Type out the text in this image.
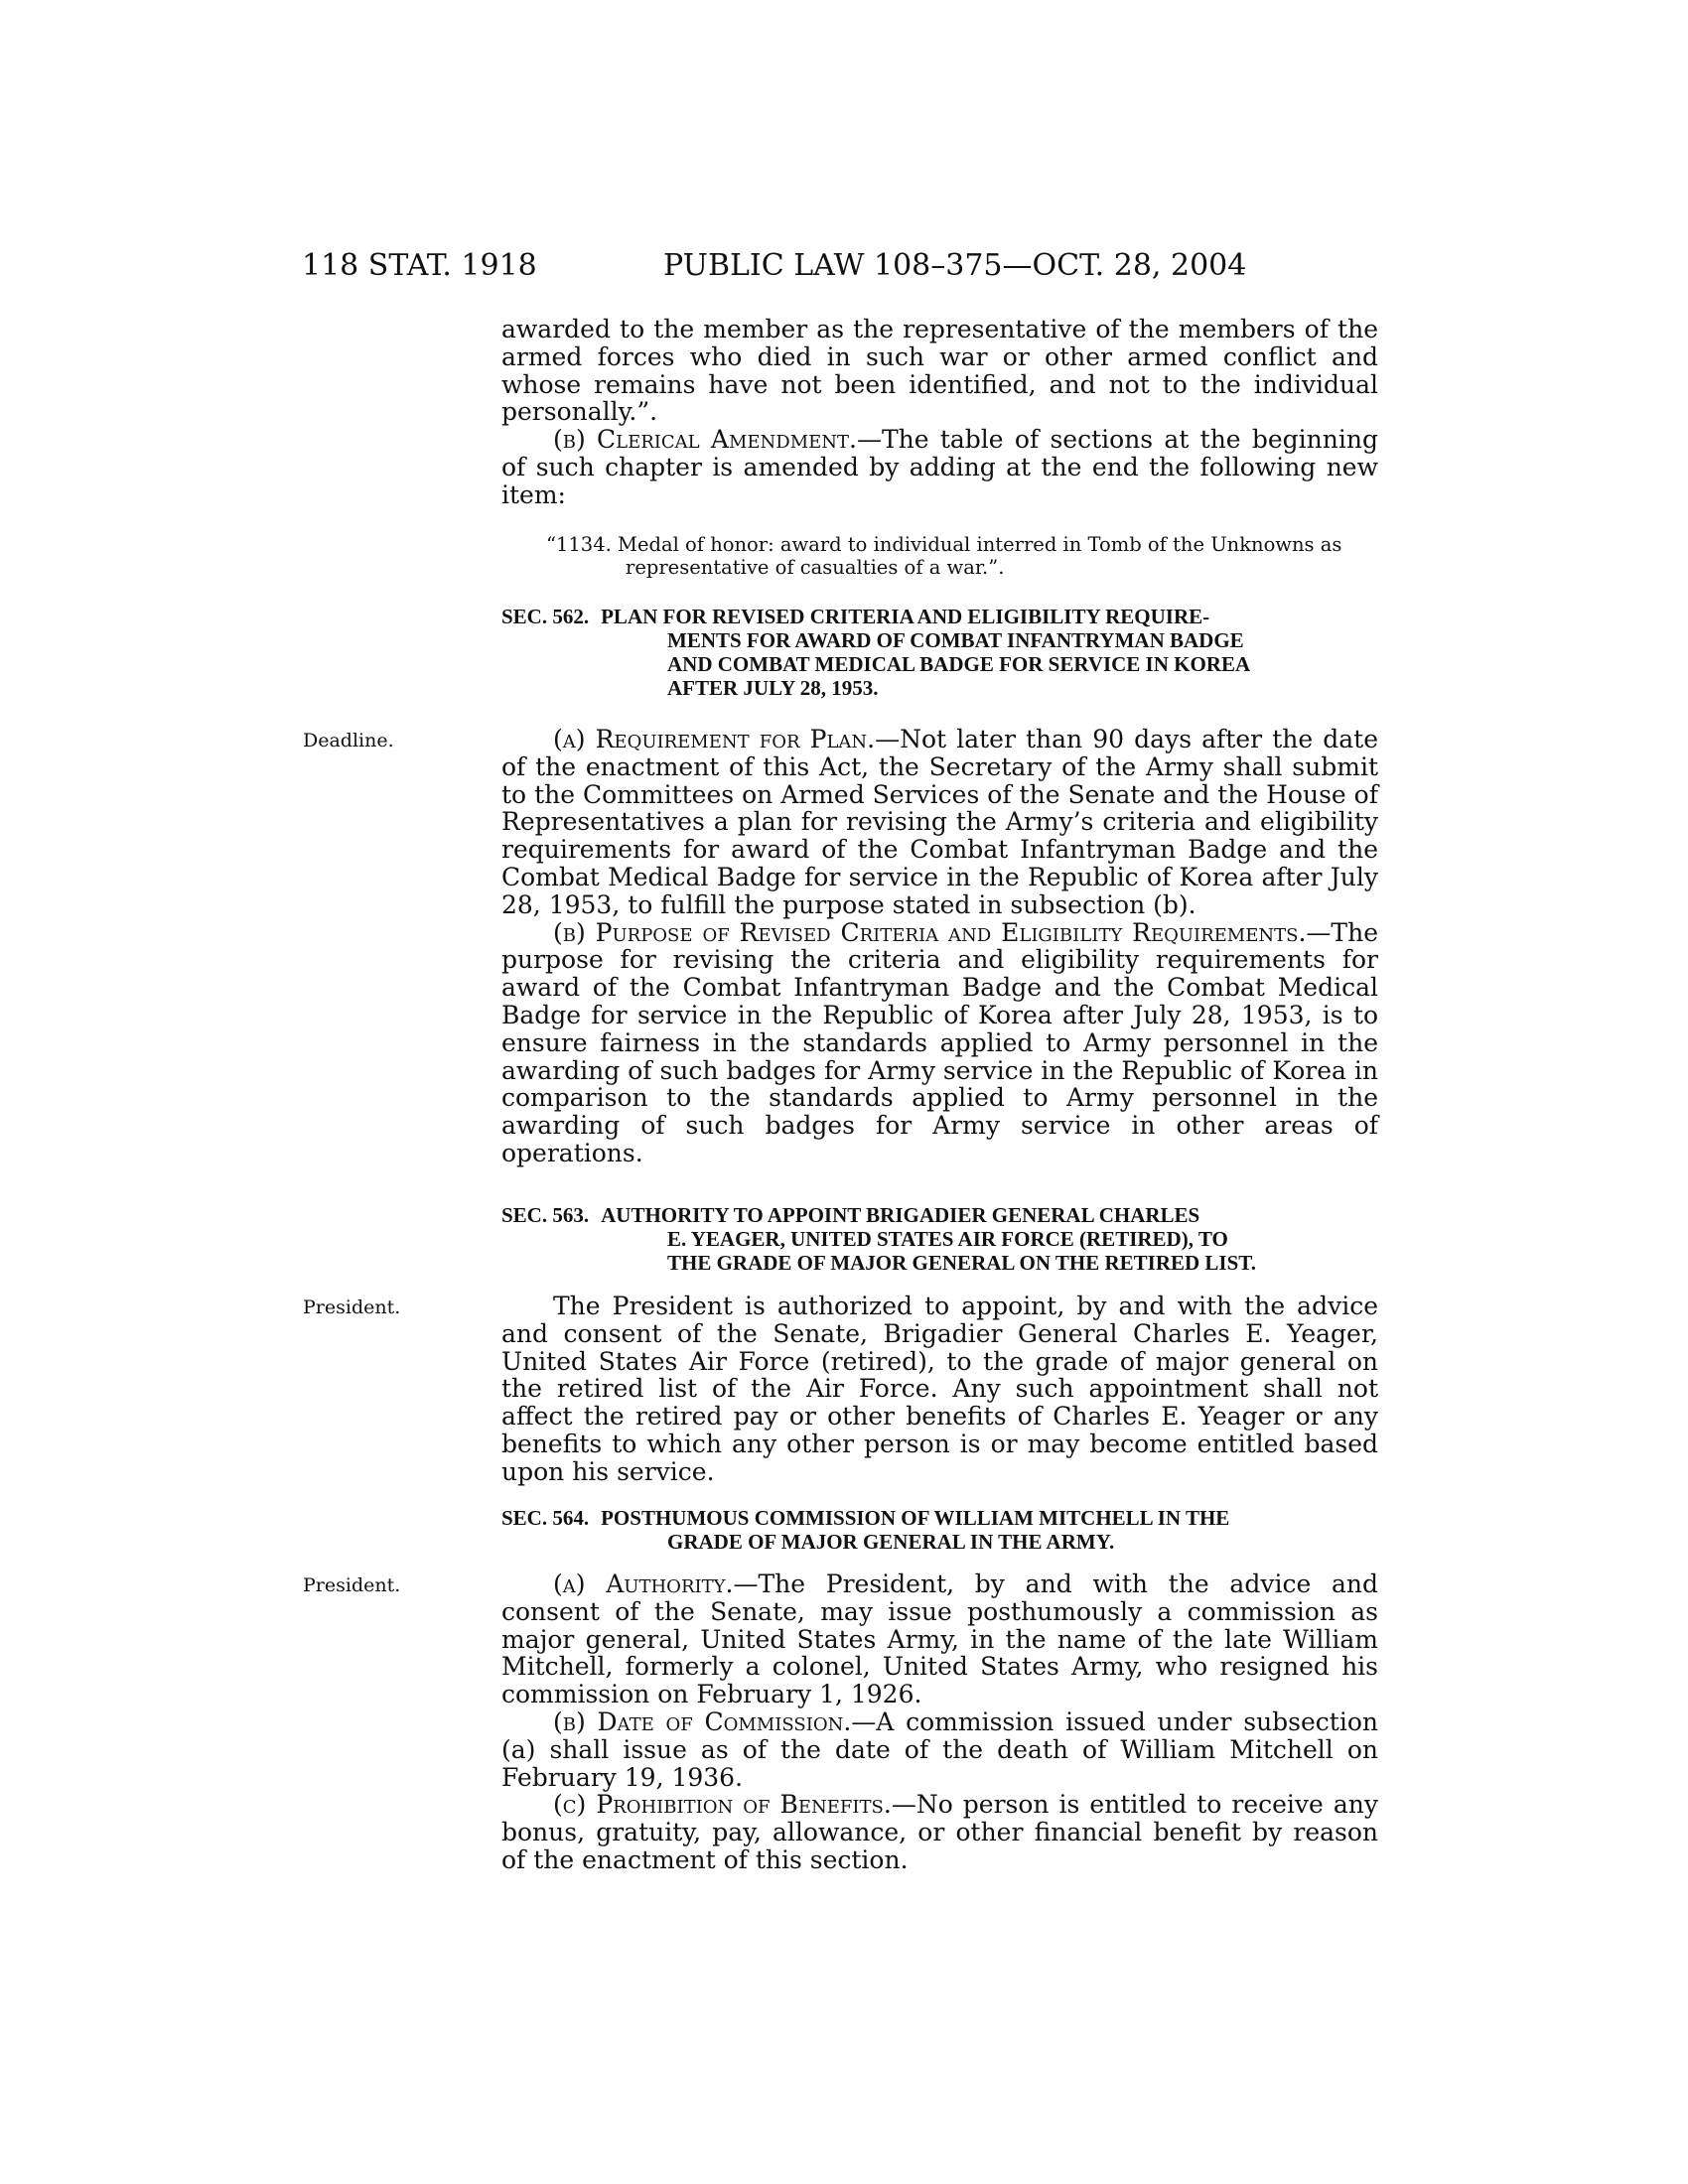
118 STAT. 1918	PUBLIC LAW 108–375—OCT. 28, 2004

awarded to the member as the representative of the members of the armed forces who died in such war or other armed conflict and whose remains have not been identified, and not to the individual personally.”.

(b) Clerical Amendment.—The table of sections at the beginning of such chapter is amended by adding at the end the following new item:

“1134. Medal of honor: award to individual interred in Tomb of the Unknowns as
representative of casualties of a war.”.
SEC. 562. PLAN FOR REVISED CRITERIA AND ELIGIBILITY REQUIRE-
MENTS FOR AWARD OF COMBAT INFANTRYMAN BADGE
AND COMBAT MEDICAL BADGE FOR SERVICE IN KOREA
AFTER JULY 28, 1953.
Deadline.	(a) Requirement for Plan.—Not later than 90 days after the date of the enactment of this Act, the Secretary of the Army shall submit to the Committees on Armed Services of the Senate and the House of Representatives a plan for revising the Army’s criteria and eligibility requirements for award of the Combat Infantryman Badge and the Combat Medical Badge for service in the Republic of Korea after July 28, 1953, to fulfill the purpose stated in subsection (b).

(b) Purpose of Revised Criteria and Eligibility Requirements.—The purpose for revising the criteria and eligibility requirements for award of the Combat Infantryman Badge and the Combat Medical Badge for service in the Republic of Korea after July 28, 1953, is to ensure fairness in the standards applied to Army personnel in the awarding of such badges for Army service in the Republic of Korea in comparison to the standards applied to Army personnel in the awarding of such badges for Army service in other areas of operations.

SEC. 563. AUTHORITY TO APPOINT BRIGADIER GENERAL CHARLES
E. YEAGER, UNITED STATES AIR FORCE (RETIRED), TO
THE GRADE OF MAJOR GENERAL ON THE RETIRED LIST.
President.	The President is authorized to appoint, by and with the advice and consent of the Senate, Brigadier General Charles E. Yeager, United States Air Force (retired), to the grade of major general on the retired list of the Air Force. Any such appointment shall not affect the retired pay or other benefits of Charles E. Yeager or any benefits to which any other person is or may become entitled based upon his service.

SEC. 564. POSTHUMOUS COMMISSION OF WILLIAM MITCHELL IN THE
GRADE OF MAJOR GENERAL IN THE ARMY.
President.	(a) Authority.—The President, by and with the advice and consent of the Senate, may issue posthumously a commission as major general, United States Army, in the name of the late William Mitchell, formerly a colonel, United States Army, who resigned his commission on February 1, 1926.

(b) Date of Commission.—A commission issued under subsection (a) shall issue as of the date of the death of William Mitchell on February 19, 1936.

(c) Prohibition of Benefits.—No person is entitled to receive any bonus, gratuity, pay, allowance, or other financial benefit by reason of the enactment of this section.
